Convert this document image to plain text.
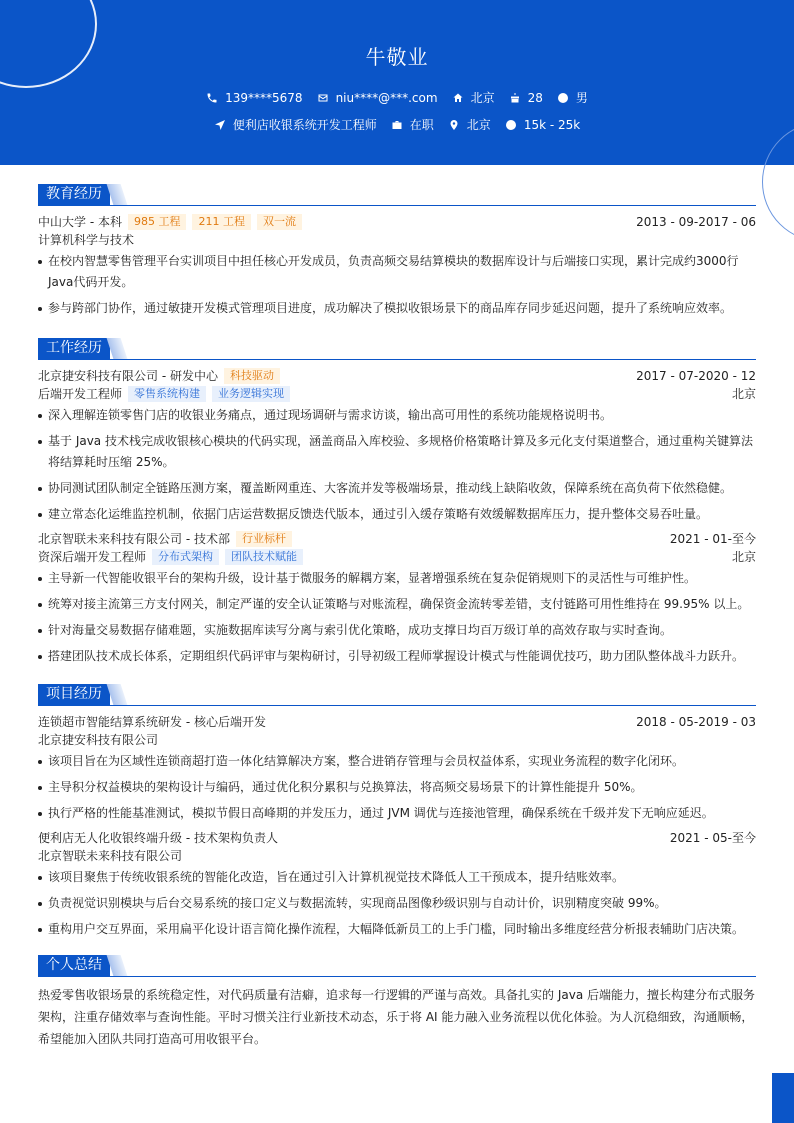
牛敬业
139****5678	niu****@***.com	北京	28	男
便利店收银系统开发工程师	在职	北京	15k - 25k
教育经历
中山大学 - 本科	985 工程	211 工程	双一流	2013 - 09-2017 - 06
计算机科学与技术
在校内智慧零售管理平台实训项目中担任核心开发成员，负责高频交易结算模块的数据库设计与后端接口实现，累计完成约3000行Java代码开发。
参与跨部门协作，通过敏捷开发模式管理项目进度，成功解决了模拟收银场景下的商品库存同步延迟问题，提升了系统响应效率。
工作经历
北京捷安科技有限公司 - 研发中心	科技驱动	2017 - 07-2020 - 12
后端开发工程师	零售系统构建	业务逻辑实现	北京
深入理解连锁零售门店的收银业务痛点，通过现场调研与需求访谈，输出高可用性的系统功能规格说明书。
基于 Java 技术栈完成收银核心模块的代码实现，涵盖商品入库校验、多规格价格策略计算及多元化支付渠道整合，通过重构关键算法将结算耗时压缩 25%。
协同测试团队制定全链路压测方案，覆盖断网重连、大客流并发等极端场景，推动线上缺陷收敛，保障系统在高负荷下依然稳健。
建立常态化运维监控机制，依据门店运营数据反馈迭代版本，通过引入缓存策略有效缓解数据库压力，提升整体交易吞吐量。
北京智联未来科技有限公司 - 技术部	行业标杆	2021 - 01-至今
资深后端开发工程师	分布式架构	团队技术赋能	北京
主导新一代智能收银平台的架构升级，设计基于微服务的解耦方案，显著增强系统在复杂促销规则下的灵活性与可维护性。
统筹对接主流第三方支付网关，制定严谨的安全认证策略与对账流程，确保资金流转零差错，支付链路可用性维持在 99.95% 以上。
针对海量交易数据存储难题，实施数据库读写分离与索引优化策略，成功支撑日均百万级订单的高效存取与实时查询。
搭建团队技术成长体系，定期组织代码评审与架构研讨，引导初级工程师掌握设计模式与性能调优技巧，助力团队整体战斗力跃升。
项目经历
连锁超市智能结算系统研发 - 核心后端开发	2018 - 05-2019 - 03
北京捷安科技有限公司
该项目旨在为区域性连锁商超打造一体化结算解决方案，整合进销存管理与会员权益体系，实现业务流程的数字化闭环。
主导积分权益模块的架构设计与编码，通过优化积分累积与兑换算法，将高频交易场景下的计算性能提升 50%。
执行严格的性能基准测试，模拟节假日高峰期的并发压力，通过 JVM 调优与连接池管理，确保系统在千级并发下无响应延迟。
便利店无人化收银终端升级 - 技术架构负责人	2021 - 05-至今
北京智联未来科技有限公司
该项目聚焦于传统收银系统的智能化改造，旨在通过引入计算机视觉技术降低人工干预成本，提升结账效率。
负责视觉识别模块与后台交易系统的接口定义与数据流转，实现商品图像秒级识别与自动计价，识别精度突破 99%。
重构用户交互界面，采用扁平化设计语言简化操作流程，大幅降低新员工的上手门槛，同时输出多维度经营分析报表辅助门店决策。
个人总结
热爱零售收银场景的系统稳定性，对代码质量有洁癖，追求每一行逻辑的严谨与高效。具备扎实的 Java 后端能力，擅长构建分布式服务架构，注重存储效率与查询性能。平时习惯关注行业新技术动态，乐于将 AI 能力融入业务流程以优化体验。为人沉稳细致，沟通顺畅，希望能加入团队共同打造高可用收银平台。
